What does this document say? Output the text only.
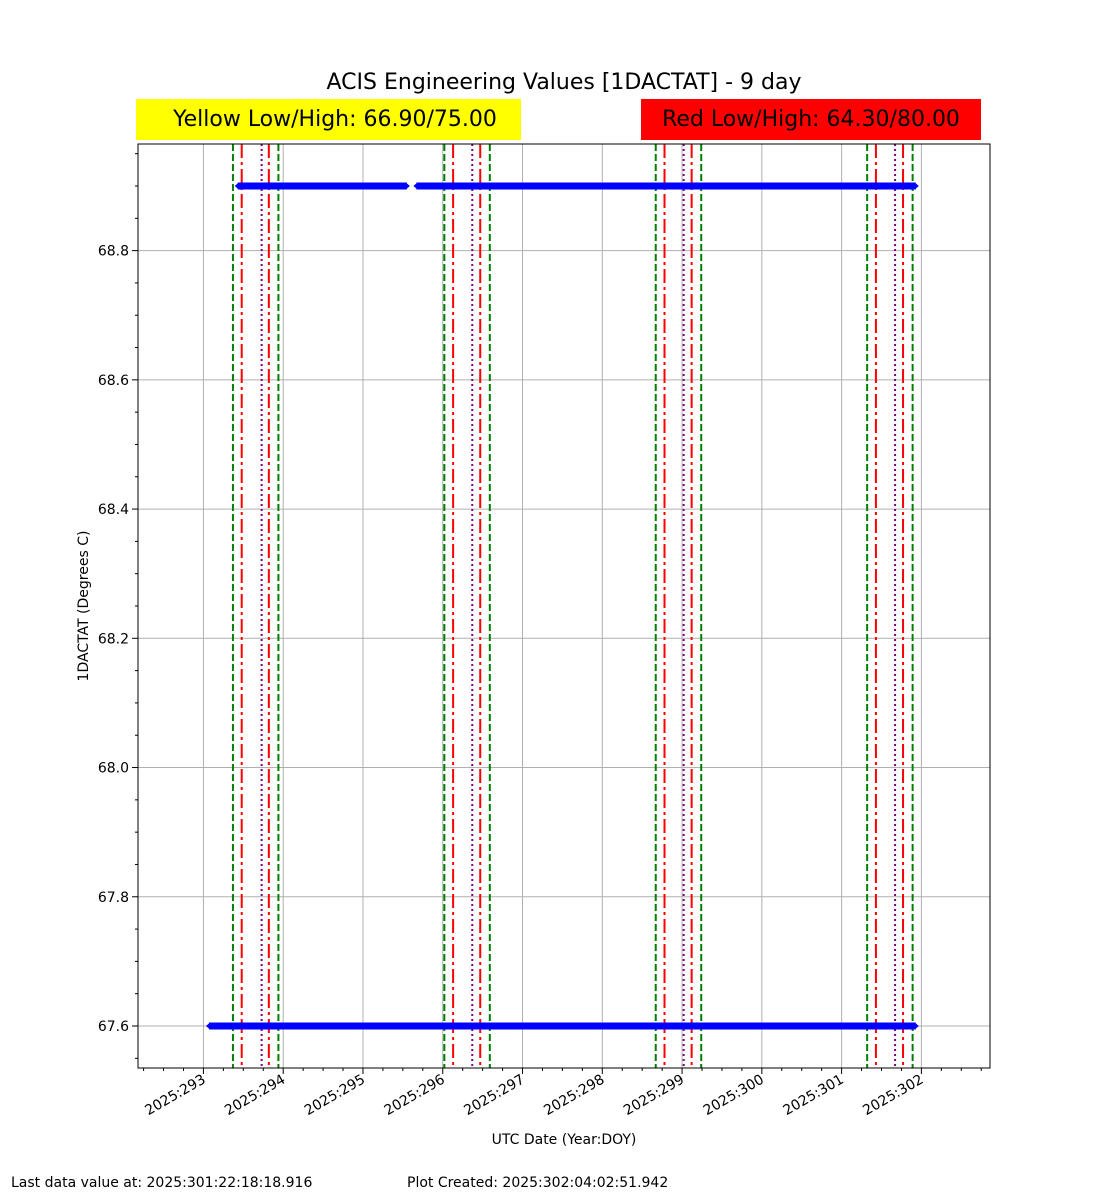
ACIS Engineering Values [1DACTAT] - 9 day
Yellow Low/High: 66.90/75.00	Red Low/High: 64.30/80.00
2025:293 2025:294 2025:295 2025:296 2025:297 2025:298 2025:299 2025:300 2025:301 2025:302
67.6
67.8
68.0
68.2
68.4
68.6
68.8
UTC Date (Year:DOY)
1DACTAT (Degrees C)
Last data value at: 2025:301:22:18:18.916	Plot Created: 2025:302:04:02:51.942
